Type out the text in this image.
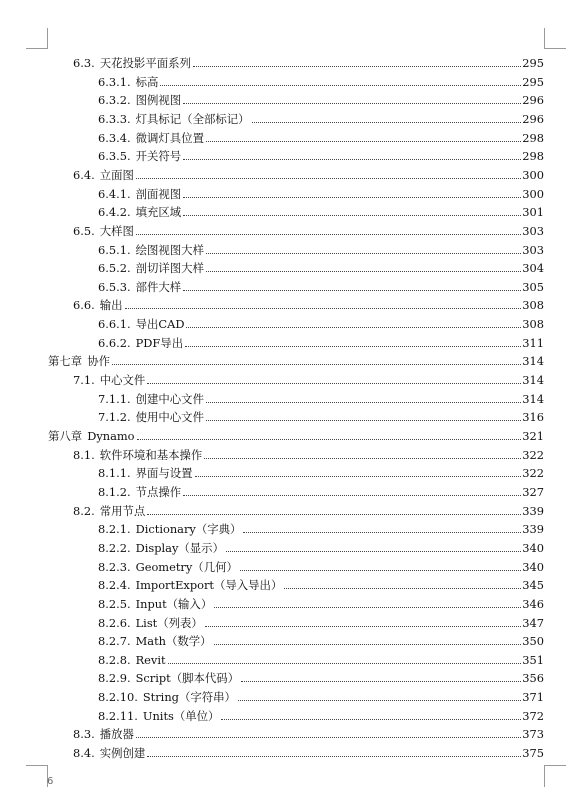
6.3. 天花投影平面系列	295
6.3.1. 标高	295
6.3.2. 图例视图	296
6.3.3. 灯具标记（全部标记）	296
6.3.4. 微调灯具位置	298
6.3.5. 开关符号	298
6.4. 立面图	300
6.4.1. 剖面视图	300
6.4.2. 填充区域	301
6.5. 大样图	303
6.5.1. 绘图视图大样	303
6.5.2. 剖切详图大样	304
6.5.3. 部件大样	305
6.6. 输出	308
6.6.1. 导出CAD	308
6.6.2. PDF导出	311
第七章 协作	314
7.1. 中心文件	314
7.1.1. 创建中心文件	314
7.1.2. 使用中心文件	316
第八章 Dynamo	321
8.1. 软件环境和基本操作	322
8.1.1. 界面与设置	322
8.1.2. 节点操作	327
8.2. 常用节点	339
8.2.1. Dictionary（字典）	339
8.2.2. Display（显示）	340
8.2.3. Geometry（几何）	340
8.2.4. ImportExport（导入导出）	345
8.2.5. Input（输入）	346
8.2.6. List（列表）	347
8.2.7. Math（数学）	350
8.2.8. Revit	351
8.2.9. Script（脚本代码）	356
8.2.10. String（字符串）	371
8.2.11. Units（单位）	372
8.3. 播放器	373
8.4. 实例创建	375
6
